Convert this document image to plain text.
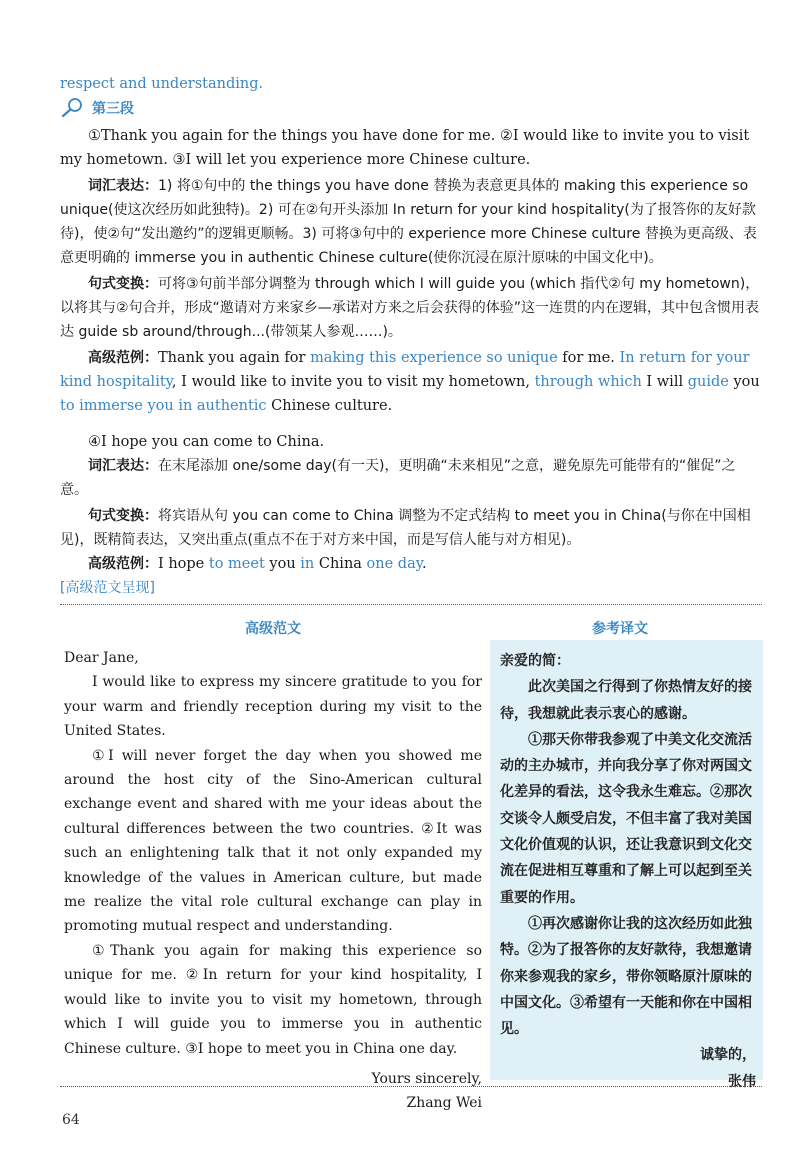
respect and understanding.
第三段

①Thank you again for the things you have done for me. ②I would like to invite you to visit my hometown. ③I will let you experience more Chinese culture.

词汇表达：1) 将①句中的 the things you have done 替换为表意更具体的 making this experience so unique(使这次经历如此独特)。2) 可在②句开头添加 In return for your kind hospitality(为了报答你的友好款待)，使②句“发出邀约”的逻辑更顺畅。3) 可将③句中的 experience more Chinese culture 替换为更高级、表意更明确的 immerse you in authentic Chinese culture(使你沉浸在原汁原味的中国文化中)。

句式变换：可将③句前半部分调整为 through which I will guide you (which 指代②句 my hometown)，以将其与②句合并，形成“邀请对方来家乡—承诺对方来之后会获得的体验”这一连贯的内在逻辑，其中包含惯用表达 guide sb around/through...(带领某人参观……)。

高级范例：Thank you again for making this experience so unique for me. In return for your kind hospitality, I would like to invite you to visit my hometown, through which I will guide you to immerse you in authentic Chinese culture.

④I hope you can come to China.

词汇表达：在末尾添加 one/some day(有一天)，更明确“未来相见”之意，避免原先可能带有的“催促”之意。

句式变换：将宾语从句 you can come to China 调整为不定式结构 to meet you in China(与你在中国相见)，既精简表达，又突出重点(重点不在于对方来中国，而是写信人能与对方相见)。

高级范例：I hope to meet you in China one day.

[高级范文呈现]
高级范文	参考译文

Dear Jane,

I would like to express my sincere gratitude to you for your warm and friendly reception during my visit to the United States.

①I will never forget the day when you showed me around the host city of the Sino-American cultural exchange event and shared with me your ideas about the cultural differences between the two countries. ②It was such an enlightening talk that it not only expanded my knowledge of the values in American culture, but made me realize the vital role cultural exchange can play in promoting mutual respect and understanding.

①Thank you again for making this experience so unique for me. ②In return for your kind hospitality, I would like to invite you to visit my hometown, through which I will guide you to immerse you in authentic Chinese culture. ③I hope to meet you in China one day.

Yours sincerely,

Zhang Wei

亲爱的简：

此次美国之行得到了你热情友好的接待，我想就此表示衷心的感谢。

①那天你带我参观了中美文化交流活动的主办城市，并向我分享了你对两国文化差异的看法，这令我永生难忘。②那次交谈令人颇受启发，不但丰富了我对美国文化价值观的认识，还让我意识到文化交流在促进相互尊重和了解上可以起到至关重要的作用。

①再次感谢你让我的这次经历如此独特。②为了报答你的友好款待，我想邀请你来参观我的家乡，带你领略原汁原味的中国文化。③希望有一天能和你在中国相见。

诚挚的，

张伟

64
